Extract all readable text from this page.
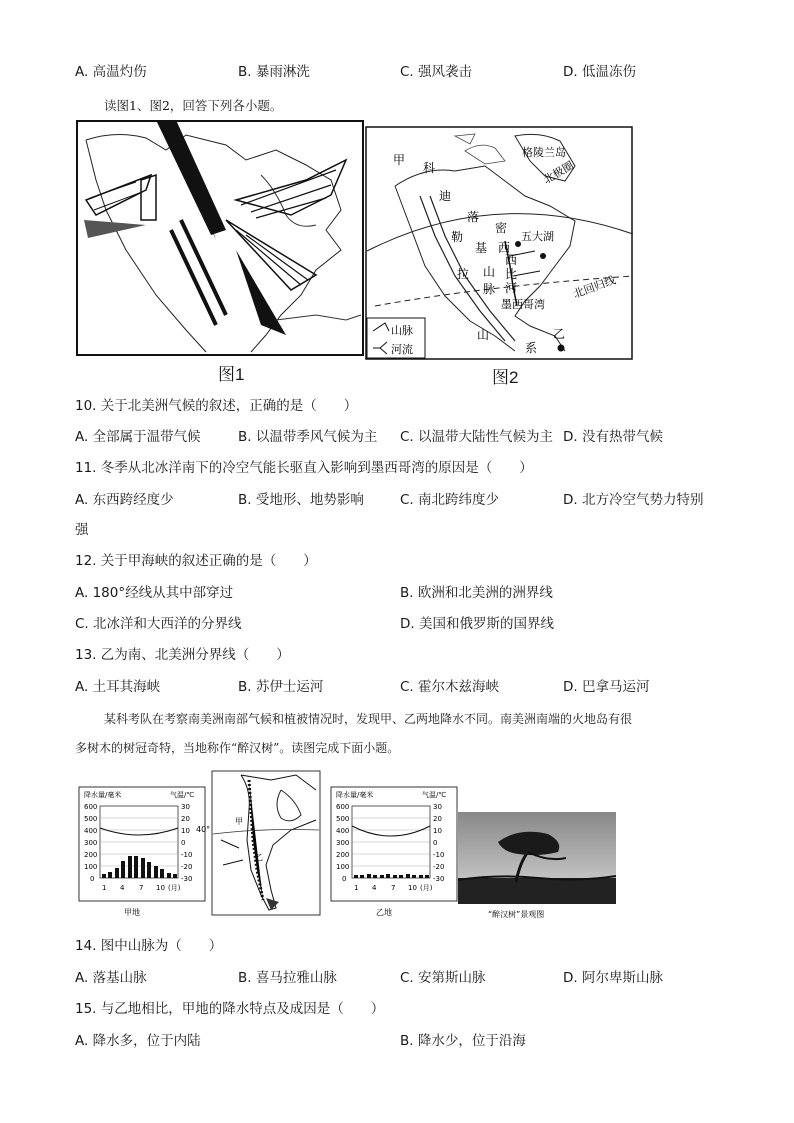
A. 高温灼伤	B. 暴雨淋洗	C. 强风袭击	D. 低温冻伤
读图1、图2，回答下列各小题。
图1
甲
格陵兰岛
北极圈
科
迪
勒
拉
山
系
落
基
山
脉
密
西
西
比
河
五大湖
北回归线
墨西哥湾
乙
山脉
河流
图2
10. 关于北美洲气候的叙述，正确的是（　　）
A. 全部属于温带气候	B. 以温带季风气候为主 C. 以温带大陆性气候为主 D. 没有热带气候
11. 冬季从北冰洋南下的冷空气能长驱直入影响到墨西哥湾的原因是（　　）
A. 东西跨经度少	B. 受地形、地势影响	C. 南北跨纬度少	D. 北方冷空气势力特别
强
12. 关于甲海峡的叙述正确的是（　　）
A. 180°经线从其中部穿过	B. 欧洲和北美洲的洲界线
C. 北冰洋和大西洋的分界线	D. 美国和俄罗斯的国界线
13. 乙为南、北美洲分界线（　　）
A. 土耳其海峡	B. 苏伊士运河	C. 霍尔木兹海峡	D. 巴拿马运河
某科考队在考察南美洲南部气候和植被情况时，发现甲、乙两地降水不同。南美洲南端的火地岛有很
多树木的树冠奇特，当地称作“醉汉树”。读图完成下面小题。
降水量/毫米	气温/℃
600
500
400
300
200
100
0
30
20
10
0
-10
-20
-30
1 4 7 10 (月)
甲地
40°
甲
乙
降水量/毫米	气温/℃
600
500
400
300
200
100
0
30
20
10
0
-10
-20
-30
1 4 7 10 (月)
乙地	“醉汉树”景观图
14. 图中山脉为（　　）
A. 落基山脉	B. 喜马拉雅山脉	C. 安第斯山脉	D. 阿尔卑斯山脉
15. 与乙地相比，甲地的降水特点及成因是（　　）
A. 降水多，位于内陆	B. 降水少，位于沿海
